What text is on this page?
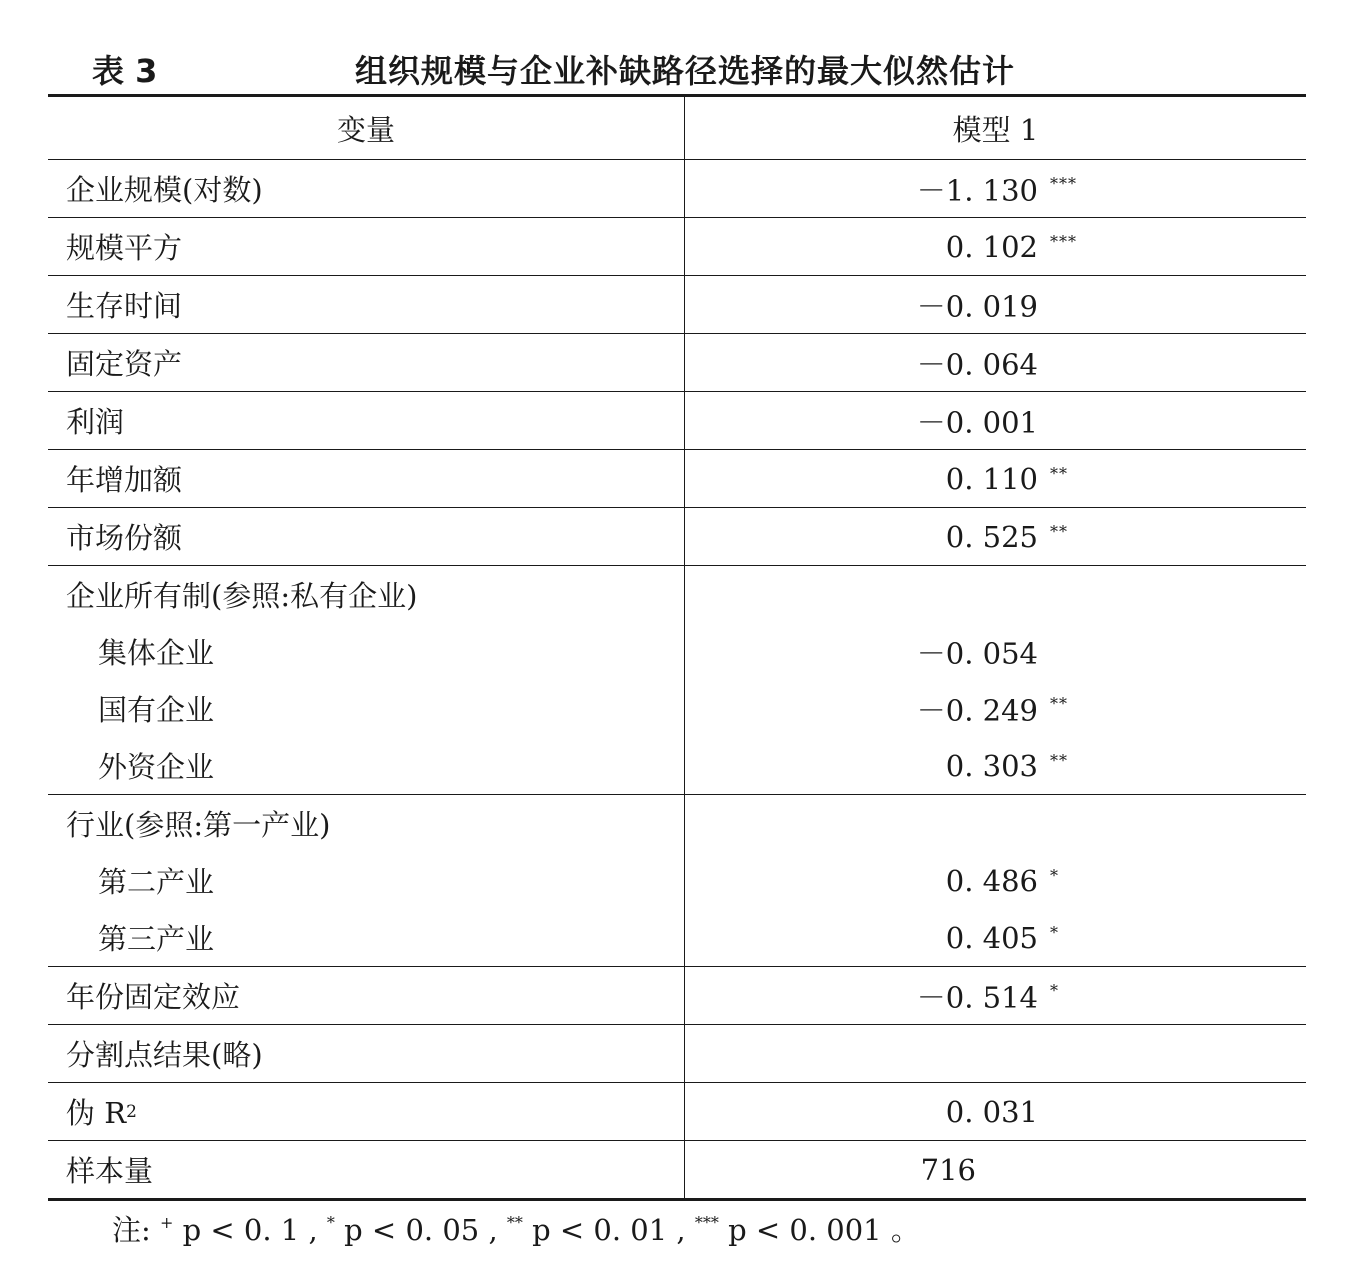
表 3	组织规模与企业补缺路径选择的最大似然估计
变量	模型 1
企业规模(对数)	－1. 130 ***
规模平方	0. 102 ***
生存时间	－0. 019
固定资产	－0. 064
利润	－0. 001
年增加额	0. 110 **
市场份额	0. 525 **
企业所有制(参照:私有企业)
集体企业	－0. 054
国有企业	－0. 249 **
外资企业	0. 303 **
行业(参照:第一产业)
第二产业	0. 486 *
第三产业	0. 405 *
年份固定效应	－0. 514 *
分割点结果(略)
伪 R 2	0. 031
样本量	716
注: + p < 0. 1 , * p < 0. 05 , ** p < 0. 01 , *** p < 0. 001 。
